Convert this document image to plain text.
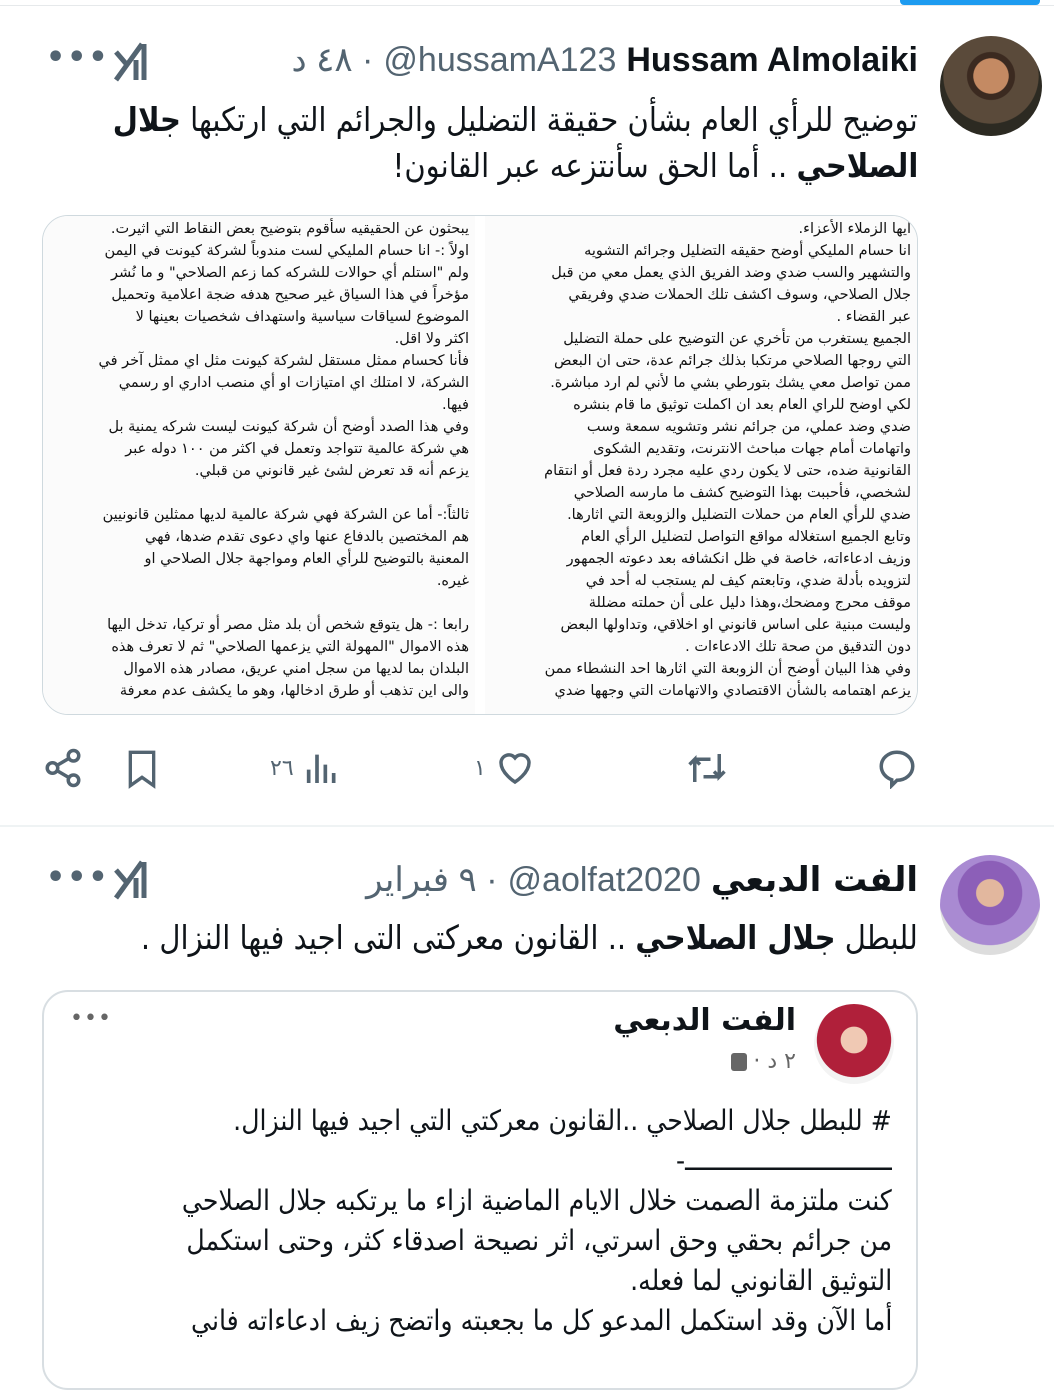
· ٤٨ د @hussamA123 Hussam Almolaiki
•••
توضيح للرأي العام بشأن حقيقة التضليل والجرائم التي ارتكبها جلال
الصلاحي .. أما الحق سأنتزعه عبر القانون!
يبحثون عن الحقيقيه سأقوم بتوضيح بعض النقاط التي اثيرت.
اولاً :- انا حسام المليكي لست مندوباً لشركة كيونت في اليمن
ولم "استلم أي حوالات للشركه كما زعم الصلاحي" و ما نُشر
مؤخراً في هذا السياق غير صحيح هدفه ضجة اعلامية وتحميل
الموضوع لسياقات سياسية واستهداف شخصيات بعينها لا
اكثر ولا اقل.
فأنا كحسام ممثل مستقل لشركة كيونت مثل اي ممثل آخر في
الشركة، لا امتلك اي امتيازات او أي منصب اداري او رسمي
فيها.
وفي هذا الصدد أوضح أن شركة كيونت ليست شركه يمنية بل
هي شركة عالمية تتواجد وتعمل في اكثر من ١٠٠ دوله عبر
يزعم أنه قد تعرض لشئ غير قانوني من قبلي.

ثالثاً:- أما عن الشركة فهي شركة عالمية لديها ممثلين قانونيين
هم المختصين بالدفاع عنها واي دعوى تقدم ضدها، فهي
المعنية بالتوضيح للرأي العام ومواجهة جلال الصلاحي او
غيره.

رابعا :- هل يتوقع شخص أن بلد مثل مصر أو تركيا، تدخل اليها
هذه الاموال "المهولة التي يزعمها الصلاحي" ثم لا تعرف هذه
البلدان بما لديها من سجل امني عريق، مصادر هذه الاموال
والى اين تذهب أو طرق ادخالها، وهو ما يكشف عدم معرفة
ايها الزملاء الأعزاء.
انا حسام المليكي أوضح حقيقه التضليل وجرائم التشويه
والتشهير والسب ضدي وضد الفريق الذي يعمل معي من قبل
جلال الصلاحي، وسوف اكشف تلك الحملات ضدي وفريقي
عبر القضاء .
الجميع يستغرب من تأخري عن التوضيح على حملة التضليل
التي روجها الصلاحي مرتكبا بذلك جرائم عدة، حتى ان البعض
ممن تواصل معي يشك بتورطي بشي ما لأني لم ارد مباشرة.
لكي اوضح للراي العام بعد ان اكملت توثيق ما قام بنشره
ضدي وضد عملي، من جرائم نشر وتشويه سمعة وسب
واتهامات أمام جهات مباحث الانترنت، وتقديم الشكوى
القانونية ضده، حتى لا يكون ردي عليه مجرد ردة فعل أو انتقام
لشخصي، فأحببت بهذا التوضيح كشف ما مارسه الصلاحي
ضدي للرأي العام من حملات التضليل والزوبعة التي اثارها.
وتابع الجميع استغلاله مواقع التواصل لتضليل الرأي العام
وزيف ادعاءاته، خاصة في ظل انكشافه بعد دعوته الجمهور
لتزويده بأدلة ضدي، وتابعتم كيف لم يستجب له أحد في
موقف محرج ومضحك،وهذا دليل على أن حملته مضللة
وليست مبنية على اساس قانوني او اخلاقي، وتداولها البعض
دون التدقيق من صحة تلك الادعاءات .
وفي هذا البيان أوضح أن الزوبعة التي اثارها احد النشطاء ممن
يزعم اهتمامه بالشأن الاقتصادي والاتهامات التي وجهها ضدي
١
٢٦
· ٩ فبراير @aolfat2020 الفت الدبعي
•••
للبطل جلال الصلاحي .. القانون معركتى التى اجيد فيها النزال .
الفت الدبعي
٢ د ·
•••
# للبطل جلال الصلاحي ..القانون معركتي التي اجيد فيها النزال.
ــــــــــــــــــــــــــــ-
كنت ملتزمة الصمت خلال الايام الماضية ازاء ما يرتكبه جلال الصلاحي
من جرائم بحقي وحق اسرتي، اثر نصيحة اصدقاء كثر، وحتى استكمل
التوثيق القانوني لما فعله.
أما الآن وقد استكمل المدعو كل ما بجعبته واتضح زيف ادعاءاته فاني
